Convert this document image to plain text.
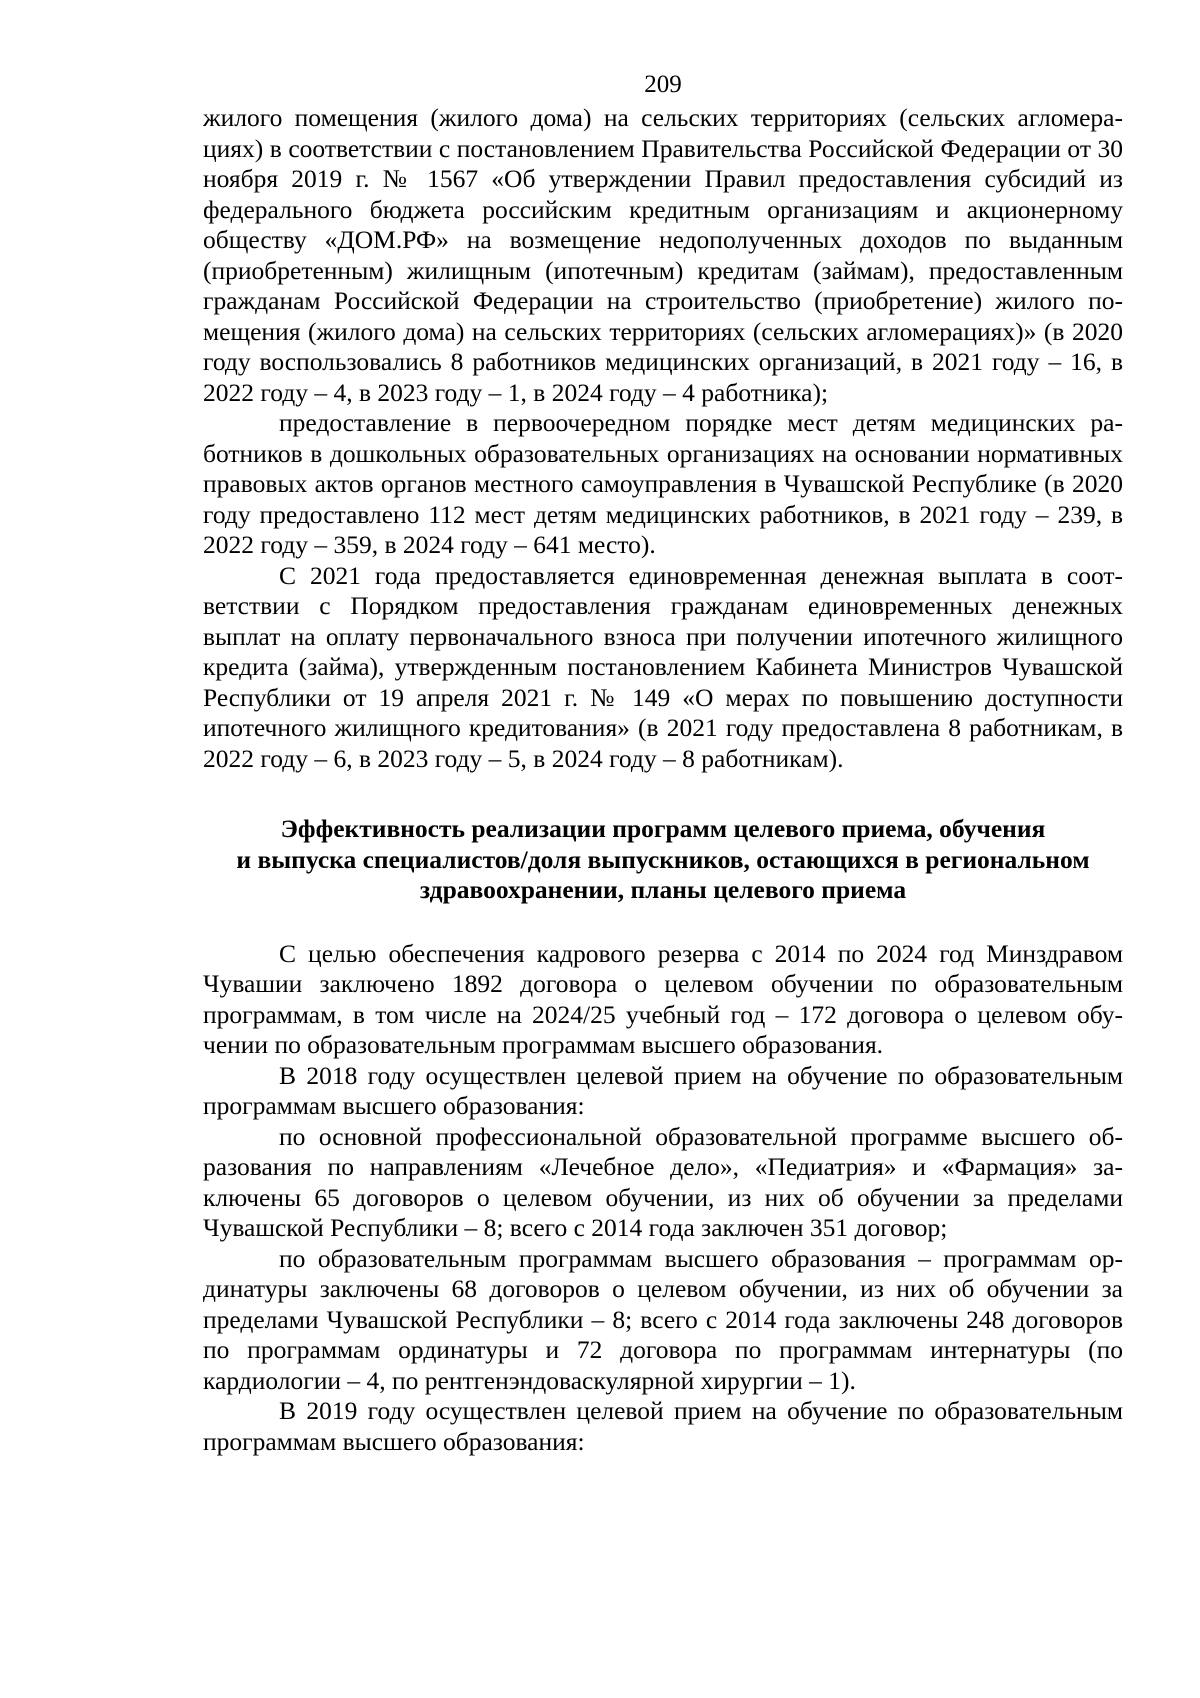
209

жилого помещения (жилого дома) на сельских территориях (сельских агломерациях) в соответствии с постановлением Правительства Российской Федерации от 30 ноября 2019 г. № 1567 «Об утверждении Правил предоставления субсидий из федерального бюджета российским кредитным организациям и акционерному обществу «ДОМ.РФ» на возмещение недополученных доходов по выданным (приобретенным) жилищным (ипотечным) кредитам (займам), предоставленным гражданам Российской Федерации на строительство (приобретение) жилого помещения (жилого дома) на сельских территориях (сельских агломерациях)» (в 2020 году воспользовались 8 работников медицинских организаций, в 2021 году – 16, в 2022 году – 4, в 2023 году – 1, в 2024 году – 4 работника);

предоставление в первоочередном порядке мест детям медицинских работников в дошкольных образовательных организациях на основании нормативных правовых актов органов местного самоуправления в Чувашской Республике (в 2020 году предоставлено 112 мест детям медицинских работников, в 2021 году – 239, в 2022 году – 359, в 2024 году – 641 место).

С 2021 года предоставляется единовременная денежная выплата в соответствии с Порядком предоставления гражданам единовременных денежных выплат на оплату первоначального взноса при получении ипотечного жилищного кредита (займа), утвержденным постановлением Кабинета Министров Чувашской Республики от 19 апреля 2021 г. № 149 «О мерах по повышению доступности ипотечного жилищного кредитования» (в 2021 году предоставлена 8 работникам, в 2022 году – 6, в 2023 году – 5, в 2024 году – 8 работникам).

Эффективность реализации программ целевого приема, обучения
и выпуска специалистов/доля выпускников, остающихся в региональном
здравоохранении, планы целевого приема

С целью обеспечения кадрового резерва с 2014 по 2024 год Минздравом Чувашии заключено 1892 договора о целевом обучении по образовательным программам, в том числе на 2024/25 учебный год – 172 договора о целевом обучении по образовательным программам высшего образования.

В 2018 году осуществлен целевой прием на обучение по образовательным программам высшего образования:

по основной профессиональной образовательной программе высшего образования по направлениям «Лечебное дело», «Педиатрия» и «Фармация» заключены 65 договоров о целевом обучении, из них об обучении за пределами Чувашской Республики – 8; всего с 2014 года заключен 351 договор;

по образовательным программам высшего образования – программам ординатуры заключены 68 договоров о целевом обучении, из них об обучении за пределами Чувашской Республики – 8; всего с 2014 года заключены 248 договоров по программам ординатуры и 72 договора по программам интернатуры (по кардиологии – 4, по рентгенэндоваскулярной хирургии – 1).

В 2019 году осуществлен целевой прием на обучение по образовательным программам высшего образования:
